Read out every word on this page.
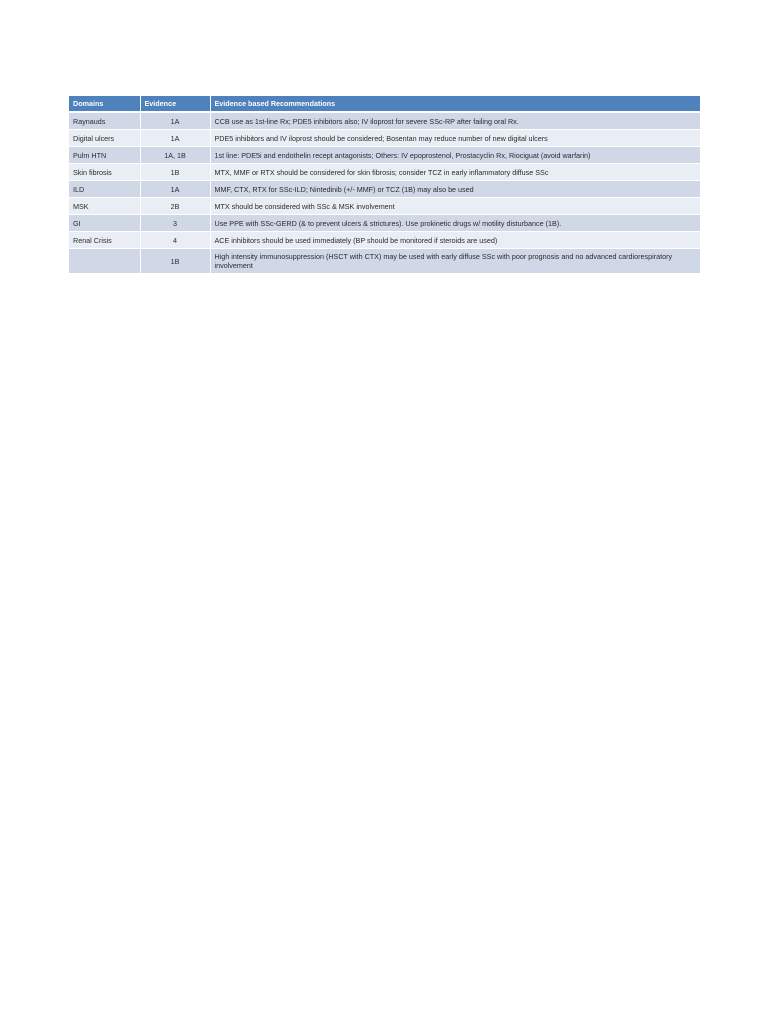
Domains	Evidence	Evidence based Recommendations
Raynauds	1A	CCB use as 1st-line Rx; PDE5 inhibitors also; IV iloprost for severe SSc-RP after failing oral Rx.
Digital ulcers	1A	PDE5 inhibitors and IV iloprost should be considered; Bosentan may reduce number of new digital ulcers
Pulm HTN	1A, 1B	1st line: PDE5i and endothelin recept antagonists; Others: IV epoprostenol, Prostacyclin Rx, Riociguat (avoid warfarin)
Skin fibrosis	1B	MTX, MMF or RTX should be considered for skin fibrosis; consider TCZ in early inflammatory diffuse SSc
ILD	1A	MMF, CTX, RTX for SSc-ILD; Nintedinib (+/- MMF) or TCZ (1B) may also be used
MSK	2B	MTX should be considered with SSc & MSK involvement
GI	3	Use PPE with SSc-GERD (& to prevent ulcers & strictures). Use prokinetic drugs w/ motility disturbance (1B).
Renal Crisis	4	ACE inhibitors should be used immediately (BP should be monitored if steroids are used)
	1B	High intensity immunosuppression (HSCT with CTX) may be used with early diffuse SSc with poor prognosis and no advanced cardiorespiratory involvement
